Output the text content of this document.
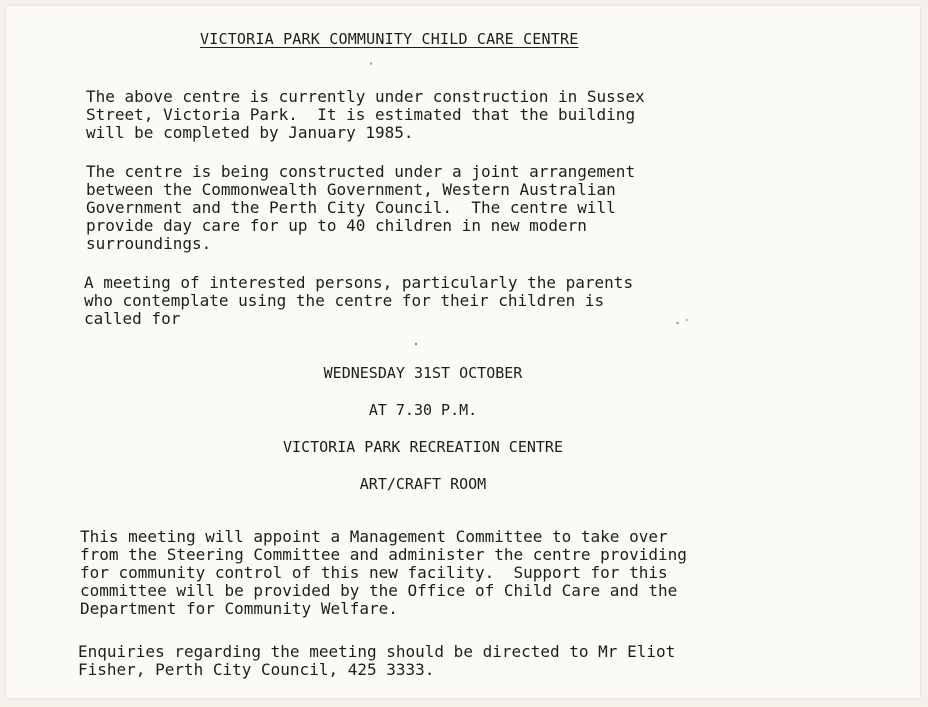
VICTORIA PARK COMMUNITY CHILD CARE CENTRE

The above centre is currently under construction in Sussex
Street, Victoria Park.  It is estimated that the building
will be completed by January 1985.

The centre is being constructed under a joint arrangement
between the Commonwealth Government, Western Australian
Government and the Perth City Council.  The centre will
provide day care for up to 40 children in new modern
surroundings.

A meeting of interested persons, particularly the parents
who contemplate using the centre for their children is
called for

WEDNESDAY 31ST OCTOBER
AT 7.30 P.M.
VICTORIA PARK RECREATION CENTRE
ART/CRAFT ROOM

This meeting will appoint a Management Committee to take over
from the Steering Committee and administer the centre providing
for community control of this new facility.  Support for this
committee will be provided by the Office of Child Care and the
Department for Community Welfare.

Enquiries regarding the meeting should be directed to Mr Eliot
Fisher, Perth City Council, 425 3333.
